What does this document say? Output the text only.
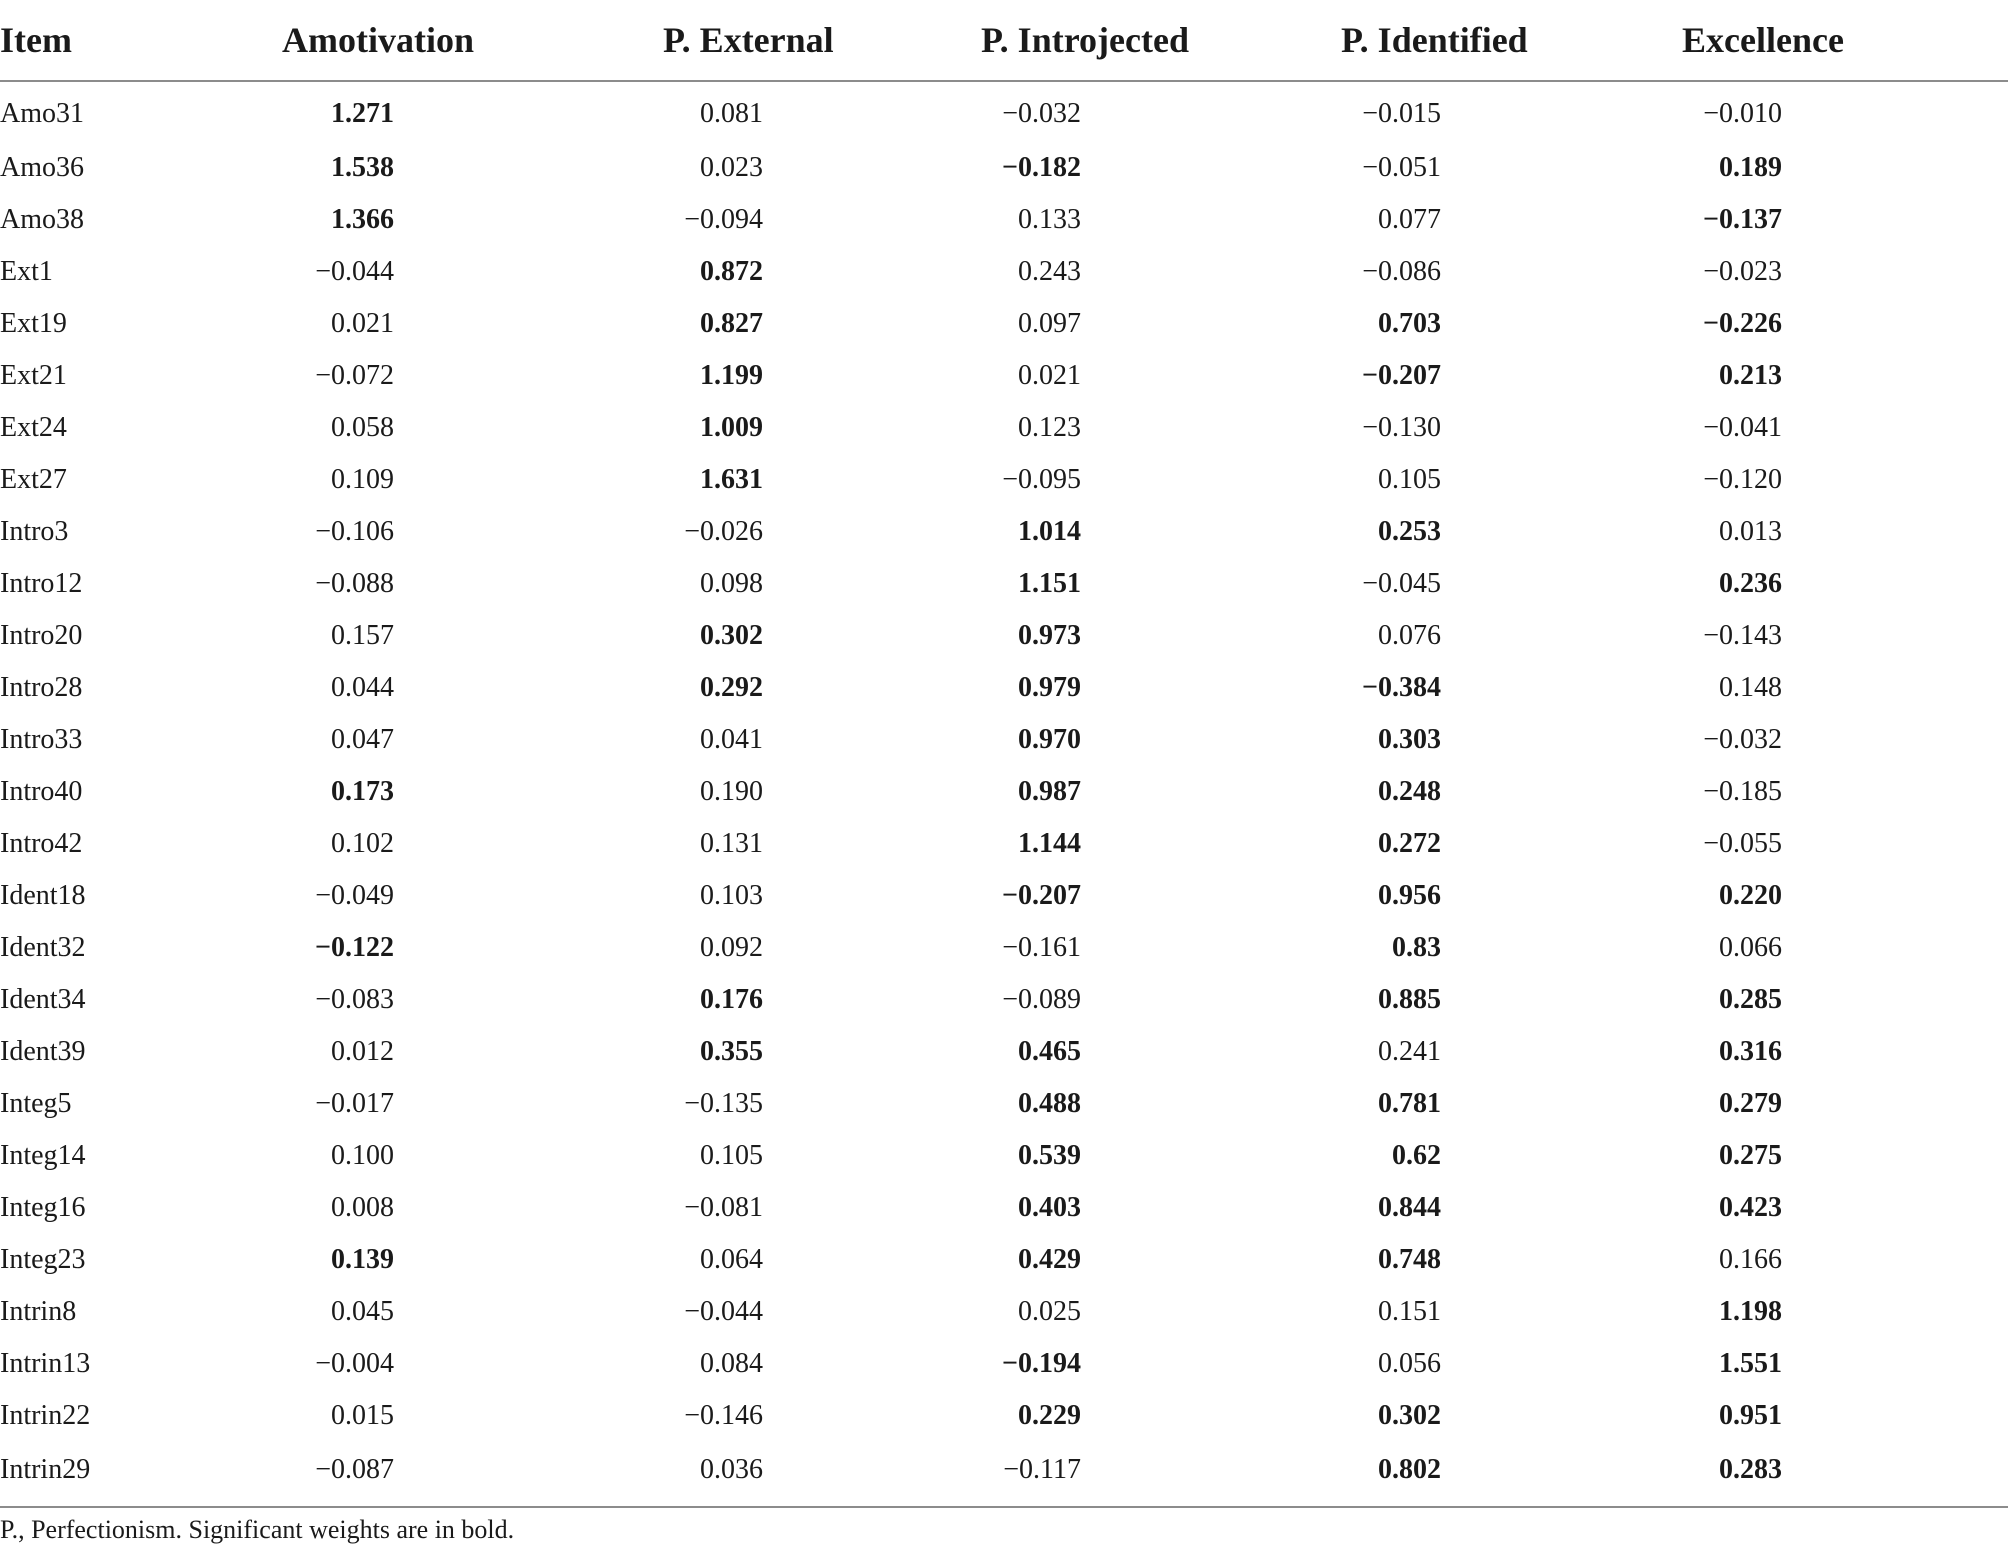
Item	Amotivation	P. External	P. Introjected	P. Identified	Excellence
Amo31	1.271	0.081	−0.032	−0.015	−0.010
Amo36	1.538	0.023	−0.182	−0.051	0.189
Amo38	1.366	−0.094	0.133	0.077	−0.137
Ext1	−0.044	0.872	0.243	−0.086	−0.023
Ext19	0.021	0.827	0.097	0.703	−0.226
Ext21	−0.072	1.199	0.021	−0.207	0.213
Ext24	0.058	1.009	0.123	−0.130	−0.041
Ext27	0.109	1.631	−0.095	0.105	−0.120
Intro3	−0.106	−0.026	1.014	0.253	0.013
Intro12	−0.088	0.098	1.151	−0.045	0.236
Intro20	0.157	0.302	0.973	0.076	−0.143
Intro28	0.044	0.292	0.979	−0.384	0.148
Intro33	0.047	0.041	0.970	0.303	−0.032
Intro40	0.173	0.190	0.987	0.248	−0.185
Intro42	0.102	0.131	1.144	0.272	−0.055
Ident18	−0.049	0.103	−0.207	0.956	0.220
Ident32	−0.122	0.092	−0.161	0.83	0.066
Ident34	−0.083	0.176	−0.089	0.885	0.285
Ident39	0.012	0.355	0.465	0.241	0.316
Integ5	−0.017	−0.135	0.488	0.781	0.279
Integ14	0.100	0.105	0.539	0.62	0.275
Integ16	0.008	−0.081	0.403	0.844	0.423
Integ23	0.139	0.064	0.429	0.748	0.166
Intrin8	0.045	−0.044	0.025	0.151	1.198
Intrin13	−0.004	0.084	−0.194	0.056	1.551
Intrin22	0.015	−0.146	0.229	0.302	0.951
Intrin29	−0.087	0.036	−0.117	0.802	0.283
P., Perfectionism. Significant weights are in bold.
